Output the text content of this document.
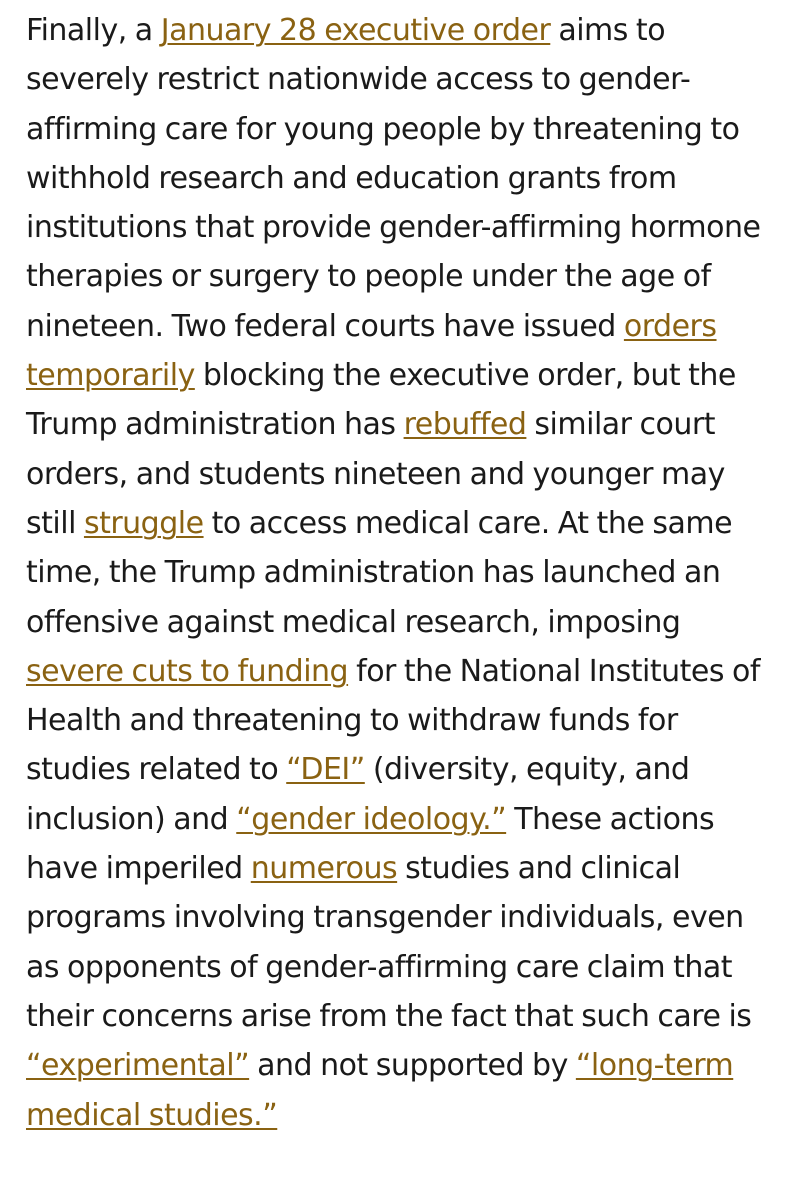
Finally, a January 28 executive order aims to severely restrict nationwide access to gender-affirming care for young people by threatening to withhold research and education grants from institutions that provide gender-affirming hormone therapies or surgery to people under the age of nineteen. Two federal courts have issued orders temporarily blocking the executive order, but the Trump administration has rebuffed similar court orders, and students nineteen and younger may still struggle to access medical care. At the same time, the Trump administration has launched an offensive against medical research, imposing severe cuts to funding for the National Institutes of Health and threatening to withdraw funds for studies related to “DEI” (diversity, equity, and inclusion) and “gender ideology.” These actions have imperiled numerous studies and clinical programs involving transgender individuals, even as opponents of gender-affirming care claim that their concerns arise from the fact that such care is “experimental” and not supported by “long-term medical studies.”
